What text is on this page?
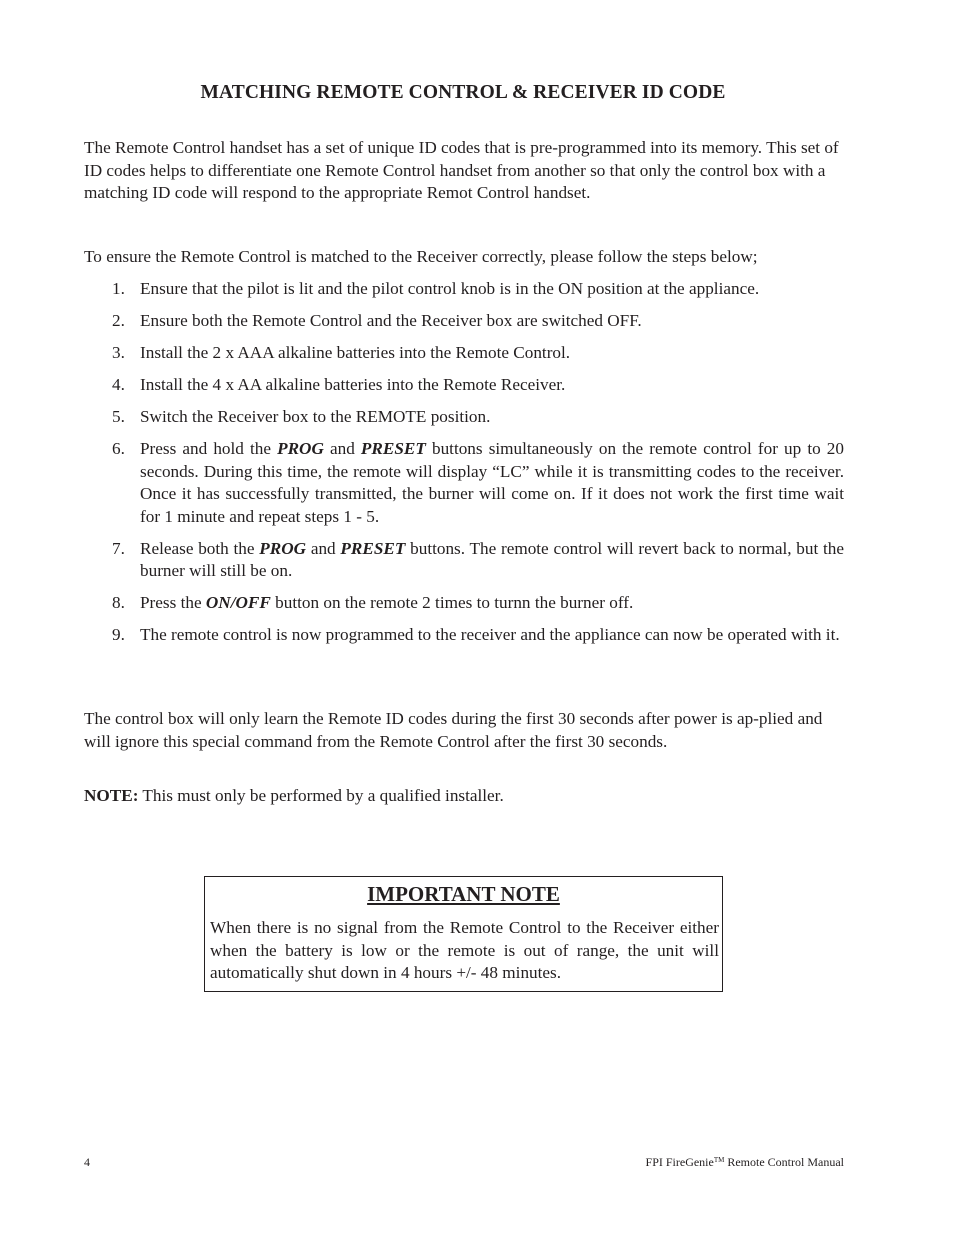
MATCHING REMOTE CONTROL & RECEIVER ID CODE

The Remote Control handset has a set of unique ID codes that is pre-programmed into its memory. This set of ID codes helps to differentiate one Remote Control handset from another so that only the control box with a matching ID code will respond to the appropriate Remot Control handset.

To ensure the Remote Control is matched to the Receiver correctly, please follow the steps below;

1. Ensure that the pilot is lit and the pilot control knob is in the ON position at the appliance.
2. Ensure both the Remote Control and the Receiver box are switched OFF.
3. Install the 2 x AAA alkaline batteries into the Remote Control.
4. Install the 4 x AA alkaline batteries into the Remote Receiver.
5. Switch the Receiver box to the REMOTE position.
6. Press and hold the PROG and PRESET buttons simultaneously on the remote control for up to 20 seconds. During this time, the remote will display “LC” while it is transmitting codes to the receiver. Once it has successfully transmitted, the burner will come on. If it does not work the first time wait for 1 minute and repeat steps 1 - 5.
7. Release both the PROG and PRESET buttons. The remote control will revert back to normal, but the burner will still be on.
8. Press the ON/OFF button on the remote 2 times to turnn the burner off.
9. The remote control is now programmed to the receiver and the appliance can now be operated with it.

The control box will only learn the Remote ID codes during the first 30 seconds after power is ap-plied and will ignore this special command from the Remote Control after the first 30 seconds.

NOTE: This must only be performed by a qualified installer.

IMPORTANT NOTE
When there is no signal from the Remote Control to the Receiver either when the battery is low or the remote is out of range, the unit will automatically shut down in 4 hours +/- 48 minutes.
4	FPI FireGenie™ Remote Control Manual
